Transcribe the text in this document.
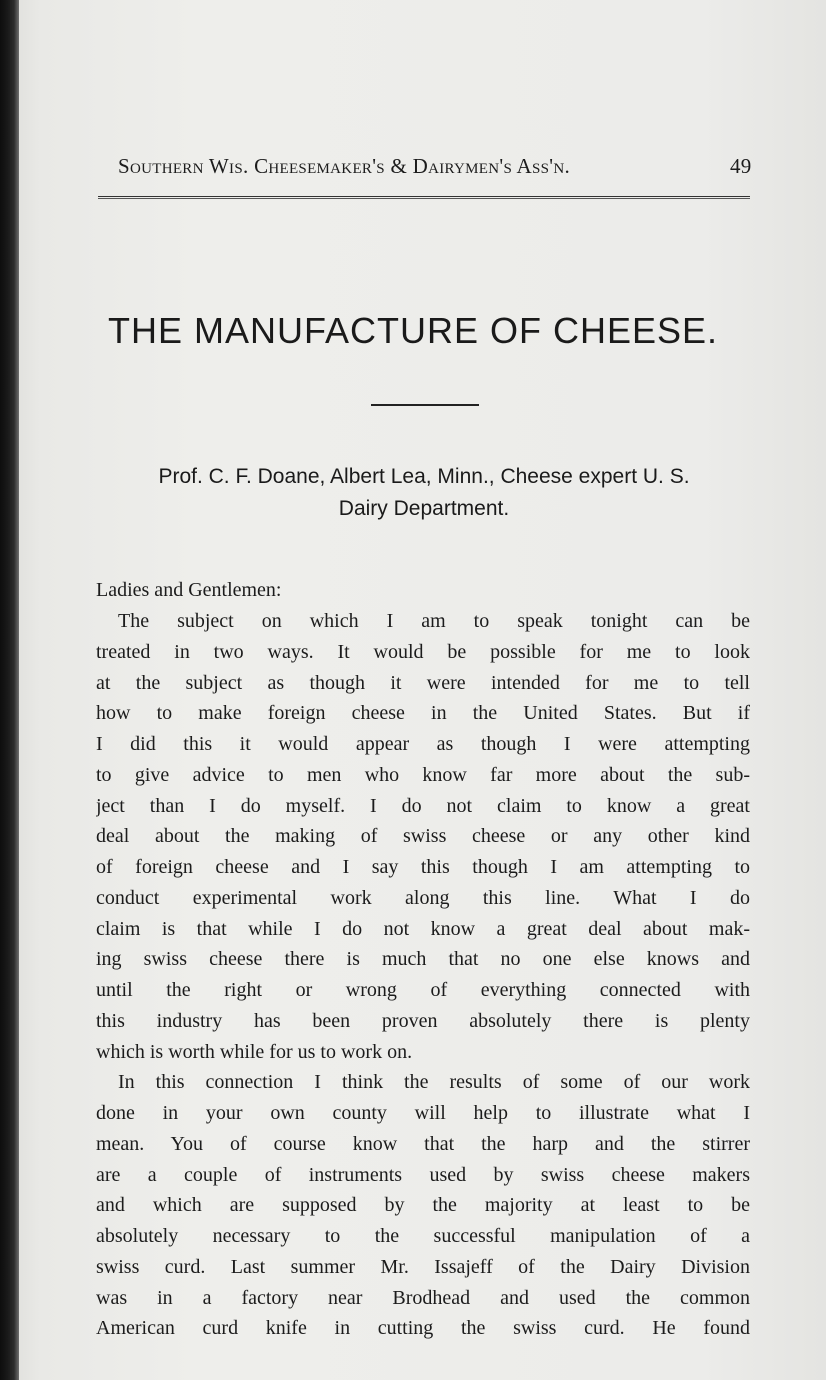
Southern Wis. Cheesemaker's & Dairymen's Ass'n.	49
THE MANUFACTURE OF CHEESE.
Prof. C. F. Doane, Albert Lea, Minn., Cheese expert U. S.
Dairy Department.
Ladies and Gentlemen:
The subject on which I am to speak tonight can be
treated in two ways. It would be possible for me to look
at the subject as though it were intended for me to tell
how to make foreign cheese in the United States. But if
I did this it would appear as though I were attempting
to give advice to men who know far more about the sub-
ject than I do myself. I do not claim to know a great
deal about the making of swiss cheese or any other kind
of foreign cheese and I say this though I am attempting to
conduct experimental work along this line. What I do
claim is that while I do not know a great deal about mak-
ing swiss cheese there is much that no one else knows and
until the right or wrong of everything connected with
this industry has been proven absolutely there is plenty
which is worth while for us to work on.
In this connection I think the results of some of our work
done in your own county will help to illustrate what I
mean. You of course know that the harp and the stirrer
are a couple of instruments used by swiss cheese makers
and which are supposed by the majority at least to be
absolutely necessary to the successful manipulation of a
swiss curd. Last summer Mr. Issajeff of the Dairy Division
was in a factory near Brodhead and used the common
American curd knife in cutting the swiss curd. He found
